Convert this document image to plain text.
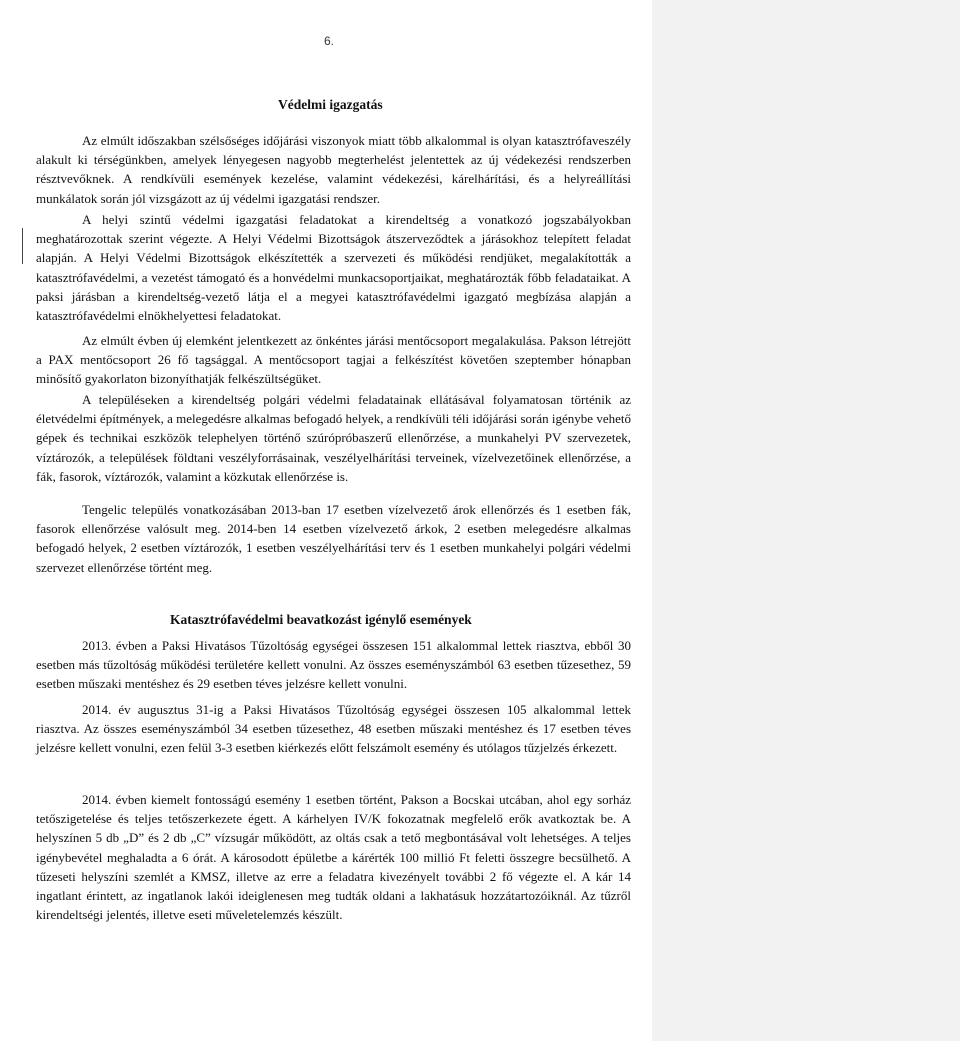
6.
Védelmi igazgatás

Az elmúlt időszakban szélsőséges időjárási viszonyok miatt több alkalommal is olyan katasztrófaveszély alakult ki térségünkben, amelyek lényegesen nagyobb megterhelést jelentettek az új védekezési rendszerben résztvevőknek. A rendkívüli események kezelése, valamint védekezési, kárelhárítási, és a helyreállítási munkálatok során jól vizsgázott az új védelmi igazgatási rendszer.

A helyi szintű védelmi igazgatási feladatokat a kirendeltség a vonatkozó jogszabályokban meghatározottak szerint végezte. A Helyi Védelmi Bizottságok átszerveződtek a járásokhoz telepített feladat alapján. A Helyi Védelmi Bizottságok elkészítették a szervezeti és működési rendjüket, megalakították a katasztrófavédelmi, a vezetést támogató és a honvédelmi munkacsoportjaikat, meghatározták főbb feladataikat. A paksi járásban a kirendeltség-vezető látja el a megyei katasztrófavédelmi igazgató megbízása alapján a katasztrófavédelmi elnökhelyettesi feladatokat.

Az elmúlt évben új elemként jelentkezett az önkéntes járási mentőcsoport megalakulása. Pakson létrejött a PAX mentőcsoport 26 fő tagsággal. A mentőcsoport tagjai a felkészítést követően szeptember hónapban minősítő gyakorlaton bizonyíthatják felkészültségüket.

A településeken a kirendeltség polgári védelmi feladatainak ellátásával folyamatosan történik az életvédelmi építmények, a melegedésre alkalmas befogadó helyek, a rendkívüli téli időjárási során igénybe vehető gépek és technikai eszközök telephelyen történő szúrópróbaszerű ellenőrzése, a munkahelyi PV szervezetek, víztározók, a települések földtani veszélyforrásainak, veszélyelhárítási terveinek, vízelvezetőinek ellenőrzése, a fák, fasorok, víztározók, valamint a közkutak ellenőrzése is.

Tengelic település vonatkozásában 2013-ban 17 esetben vízelvezető árok ellenőrzés és 1 esetben fák, fasorok ellenőrzése valósult meg. 2014-ben 14 esetben vízelvezető árkok, 2 esetben melegedésre alkalmas befogadó helyek, 2 esetben víztározók, 1 esetben veszélyelhárítási terv és 1 esetben munkahelyi polgári védelmi szervezet ellenőrzése történt meg.

Katasztrófavédelmi beavatkozást igénylő események

2013. évben a Paksi Hivatásos Tűzoltóság egységei összesen 151 alkalommal lettek riasztva, ebből 30 esetben más tűzoltóság működési területére kellett vonulni. Az összes eseményszámból 63 esetben tűzesethez, 59 esetben műszaki mentéshez és 29 esetben téves jelzésre kellett vonulni.

2014. év augusztus 31-ig a Paksi Hivatásos Tűzoltóság egységei összesen 105 alkalommal lettek riasztva. Az összes eseményszámból 34 esetben tűzesethez, 48 esetben műszaki mentéshez és 17 esetben téves jelzésre kellett vonulni, ezen felül 3-3 esetben kiérkezés előtt felszámolt esemény és utólagos tűzjelzés érkezett.

2014. évben kiemelt fontosságú esemény 1 esetben történt, Pakson a Bocskai utcában, ahol egy sorház tetőszigetelése és teljes tetőszerkezete égett. A kárhelyen IV/K fokozatnak megfelelő erők avatkoztak be. A helyszínen 5 db „D” és 2 db „C” vízsugár működött, az oltás csak a tető megbontásával volt lehetséges. A teljes igénybevétel meghaladta a 6 órát. A károsodott épületbe a kárérték 100 millió Ft feletti összegre becsülhető. A tűzeseti helyszíni szemlét a KMSZ, illetve az erre a feladatra kivezényelt további 2 fő végezte el. A kár 14 ingatlant érintett, az ingatlanok lakói ideiglenesen meg tudták oldani a lakhatásuk hozzátartozóiknál. Az tűzről kirendeltségi jelentés, illetve eseti műveletelemzés készült.
